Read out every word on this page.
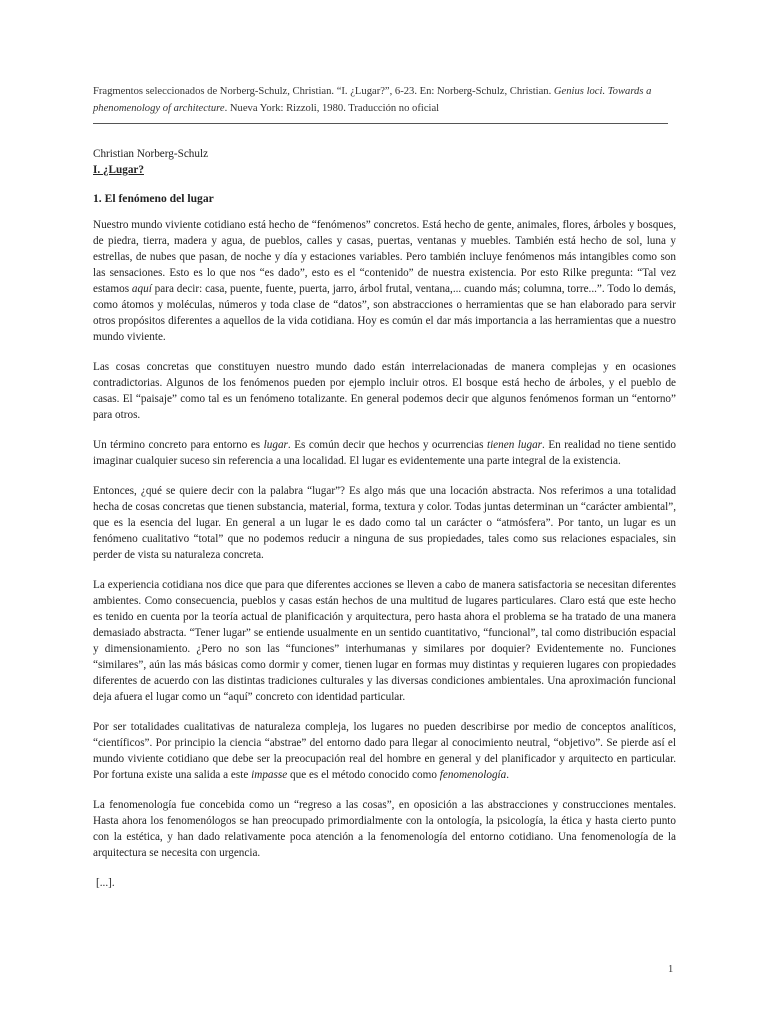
Fragmentos seleccionados de Norberg-Schulz, Christian. “I. ¿Lugar?”, 6-23. En: Norberg-Schulz, Christian. Genius loci. Towards a phenomenology of architecture. Nueva York: Rizzoli, 1980. Traducción no oficial

Christian Norberg-Schulz

I. ¿Lugar?

1. El fenómeno del lugar

Nuestro mundo viviente cotidiano está hecho de “fenómenos” concretos. Está hecho de gente, animales, flores, árboles y bosques, de piedra, tierra, madera y agua, de pueblos, calles y casas, puertas, ventanas y muebles. También está hecho de sol, luna y estrellas, de nubes que pasan, de noche y día y estaciones variables. Pero también incluye fenómenos más intangibles como son las sensaciones. Esto es lo que nos “es dado”, esto es el “contenido” de nuestra existencia. Por esto Rilke pregunta: “Tal vez estamos aquí para decir: casa, puente, fuente, puerta, jarro, árbol frutal, ventana,... cuando más; columna, torre...”. Todo lo demás, como átomos y moléculas, números y toda clase de “datos”, son abstracciones o herramientas que se han elaborado para servir otros propósitos diferentes a aquellos de la vida cotidiana. Hoy es común el dar más importancia a las herramientas que a nuestro mundo viviente.

Las cosas concretas que constituyen nuestro mundo dado están interrelacionadas de manera complejas y en ocasiones contradictorias. Algunos de los fenómenos pueden por ejemplo incluir otros. El bosque está hecho de árboles, y el pueblo de casas. El “paisaje” como tal es un fenómeno totalizante. En general podemos decir que algunos fenómenos forman un “entorno” para otros.

Un término concreto para entorno es lugar. Es común decir que hechos y ocurrencias tienen lugar. En realidad no tiene sentido imaginar cualquier suceso sin referencia a una localidad. El lugar es evidentemente una parte integral de la existencia.

Entonces, ¿qué se quiere decir con la palabra “lugar”? Es algo más que una locación abstracta. Nos referimos a una totalidad hecha de cosas concretas que tienen substancia, material, forma, textura y color. Todas juntas determinan un “carácter ambiental”, que es la esencia del lugar. En general a un lugar le es dado como tal un carácter o “atmósfera”. Por tanto, un lugar es un fenómeno cualitativo “total” que no podemos reducir a ninguna de sus propiedades, tales como sus relaciones espaciales, sin perder de vista su naturaleza concreta.

La experiencia cotidiana nos dice que para que diferentes acciones se lleven a cabo de manera satisfactoria se necesitan diferentes ambientes. Como consecuencia, pueblos y casas están hechos de una multitud de lugares particulares. Claro está que este hecho es tenido en cuenta por la teoría actual de planificación y arquitectura, pero hasta ahora el problema se ha tratado de una manera demasiado abstracta. “Tener lugar” se entiende usualmente en un sentido cuantitativo, “funcional”, tal como distribución espacial y dimensionamiento. ¿Pero no son las “funciones” interhumanas y similares por doquier? Evidentemente no. Funciones “similares”, aún las más básicas como dormir y comer, tienen lugar en formas muy distintas y requieren lugares con propiedades diferentes de acuerdo con las distintas tradiciones culturales y las diversas condiciones ambientales. Una aproximación funcional deja afuera el lugar como un “aquí” concreto con identidad particular.

Por ser totalidades cualitativas de naturaleza compleja, los lugares no pueden describirse por medio de conceptos analíticos, “científicos”. Por principio la ciencia “abstrae” del entorno dado para llegar al conocimiento neutral, “objetivo”. Se pierde así el mundo viviente cotidiano que debe ser la preocupación real del hombre en general y del planificador y arquitecto en particular. Por fortuna existe una salida a este impasse que es el método conocido como fenomenología.

La fenomenología fue concebida como un “regreso a las cosas”, en oposición a las abstracciones y construcciones mentales. Hasta ahora los fenomenólogos se han preocupado primordialmente con la ontología, la psicología, la ética y hasta cierto punto con la estética, y han dado relativamente poca atención a la fenomenología del entorno cotidiano. Una fenomenología de la arquitectura se necesita con urgencia.

[...].

1
